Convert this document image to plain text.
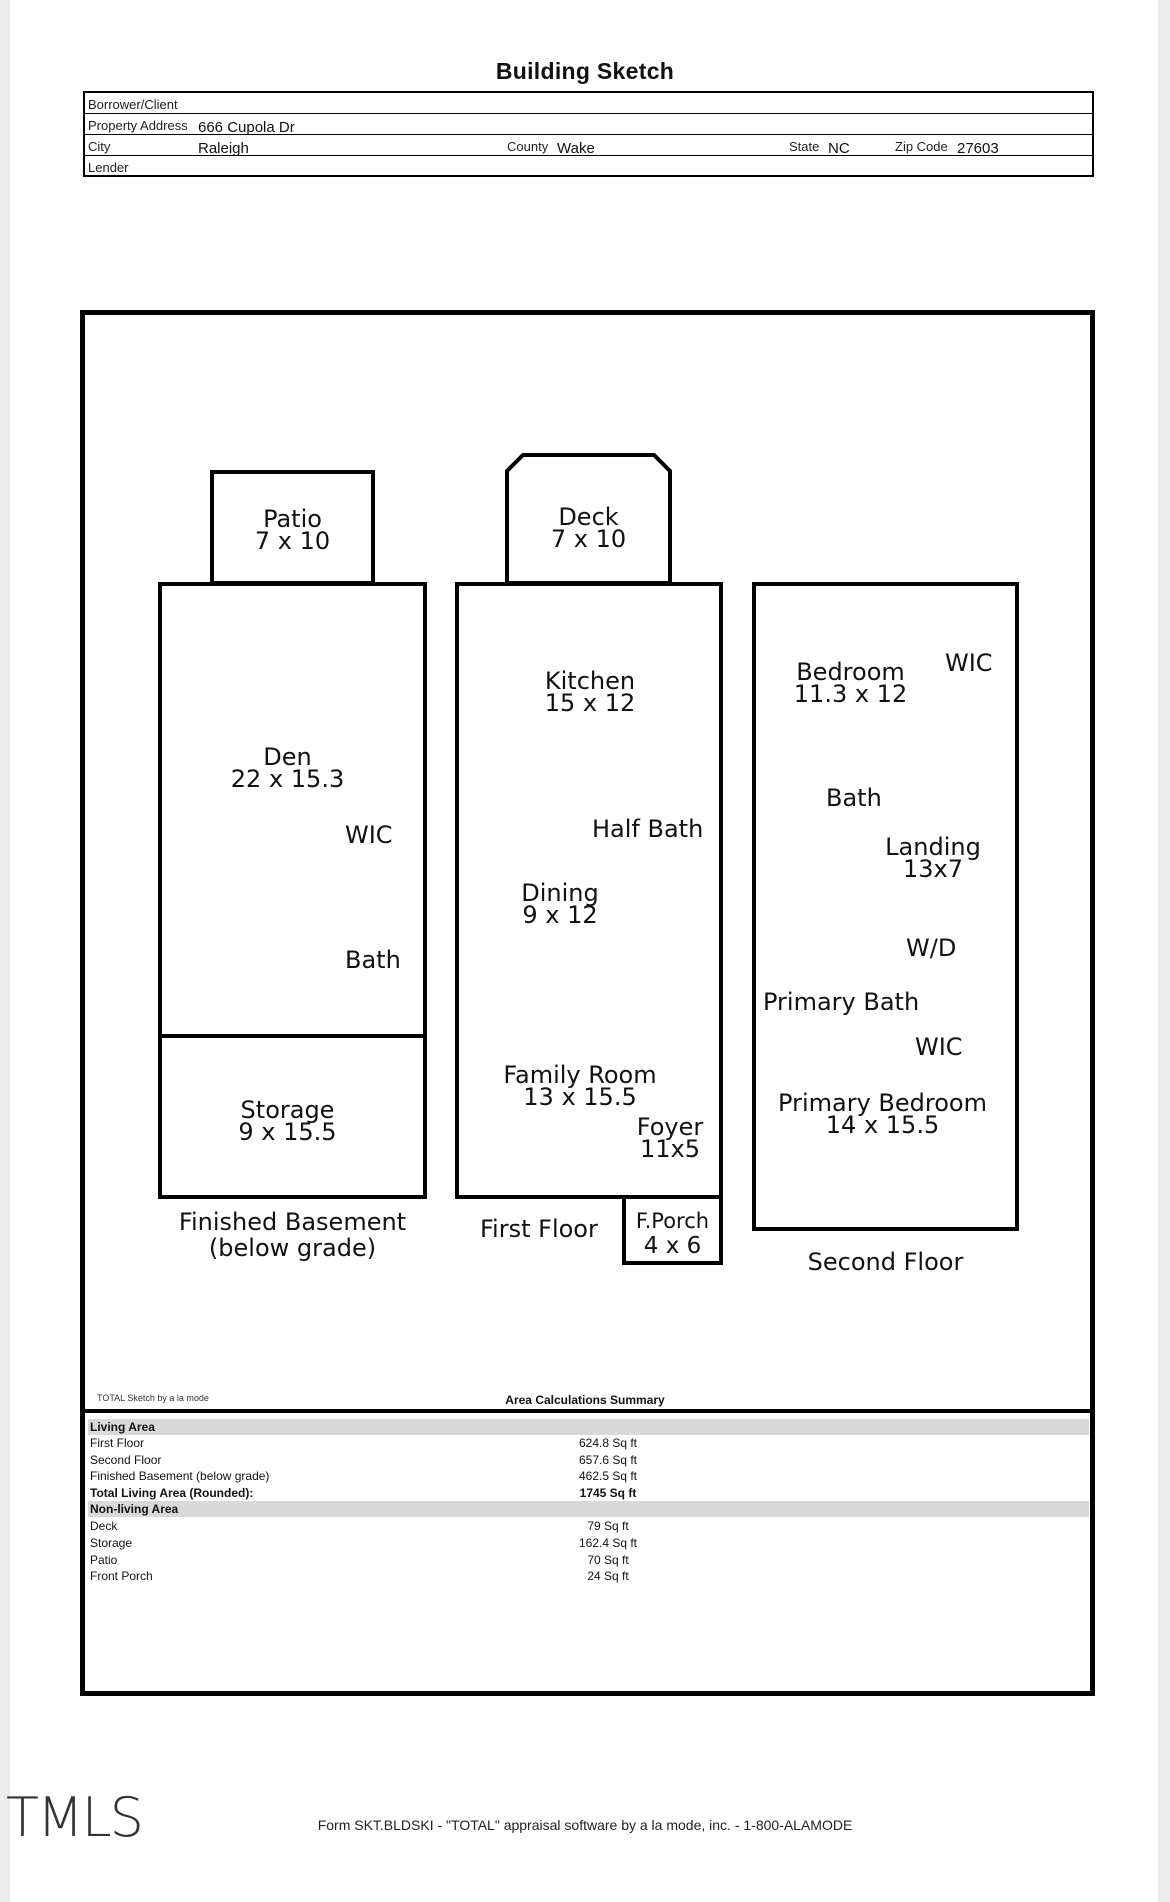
Building Sketch
Borrower/Client
Property Address 666 Cupola Dr
City	Raleigh	County Wake	State NC	Zip Code 27603
Lender
Patio
7 x 10
Den
22 x 15.3
WIC
Bath
Storage
9 x 15.5
Finished Basement
(below grade)
Deck
7 x 10
Kitchen
15 x 12
Half Bath
Dining
9 x 12
Family Room
13 x 15.5
Foyer
11x5
First Floor	F.Porch
4 x 6
Bedroom
11.3 x 12
WIC
Bath
Landing
13x7
W/D
Primary Bath
WIC
Primary Bedroom
14 x 15.5
Second Floor
TOTAL Sketch by a la mode	Area Calculations Summary
Living Area
First Floor	624.8 Sq ft
Second Floor	657.6 Sq ft
Finished Basement (below grade)	462.5 Sq ft
Total Living Area (Rounded):	1745 Sq ft
Non-living Area
Deck	79 Sq ft
Storage	162.4 Sq ft
Patio	70 Sq ft
Front Porch	24 Sq ft
TMLS	Form SKT.BLDSKI - "TOTAL" appraisal software by a la mode, inc. - 1-800-ALAMODE
